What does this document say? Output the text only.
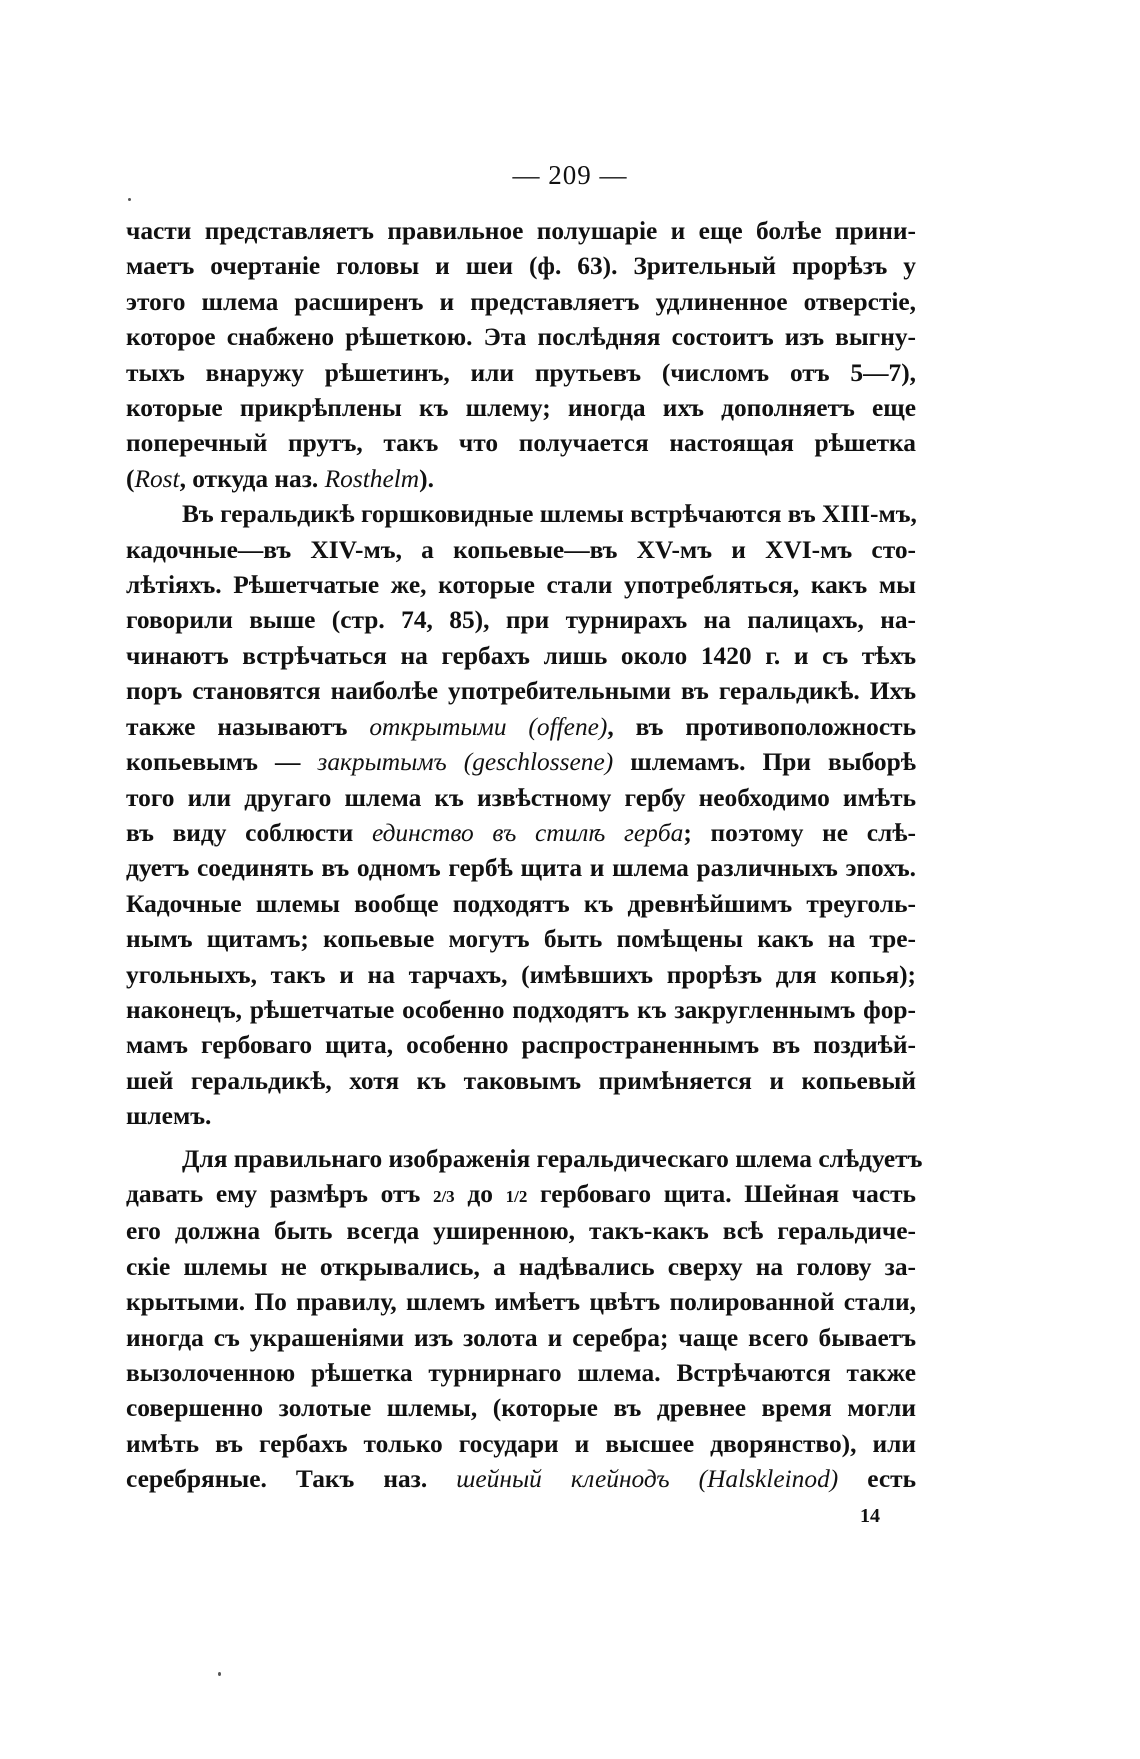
— 209 —
части представляетъ правильное полушаріе и еще болѣе прини-
маетъ очертаніе головы и шеи (ф. 63). Зрительный прорѣзъ у
этого шлема расширенъ и представляетъ удлиненное отверстіе,
которое снабжено рѣшеткою. Эта послѣдняя состоитъ изъ выгну-
тыхъ внаружу рѣшетинъ, или прутьевъ (числомъ отъ 5—7),
которые прикрѣплены къ шлему; иногда ихъ дополняетъ еще
поперечный прутъ, такъ что получается настоящая рѣшетка
(Rost, откуда наз. Rosthelm).
Въ геральдикѣ горшковидные шлемы встрѣчаются въ XIII-мъ,
кадочные—въ XIV-мъ, а копьевые—въ XV-мъ и XVI-мъ сто-
лѣтіяхъ. Рѣшетчатые же, которые стали употребляться, какъ мы
говорили выше (стр. 74, 85), при турнирахъ на палицахъ, на-
чинаютъ встрѣчаться на гербахъ лишь около 1420 г. и съ тѣхъ
поръ становятся наиболѣе употребительными въ геральдикѣ. Ихъ
также называютъ открытыми (offene), въ противоположность
копьевымъ — закрытымъ (geschlossene) шлемамъ. При выборѣ
того или другаго шлема къ извѣстному гербу необходимо имѣть
въ виду соблюсти единство въ стилѣ герба; поэтому не слѣ-
дуетъ соединять въ одномъ гербѣ щита и шлема различныхъ эпохъ.
Кадочные шлемы вообще подходятъ къ древнѣйшимъ треуголь-
нымъ щитамъ; копьевые могутъ быть помѣщены какъ на тре-
угольныхъ, такъ и на тарчахъ, (имѣвшихъ прорѣзъ для копья);
наконецъ, рѣшетчатые особенно подходятъ къ закругленнымъ фор-
мамъ гербоваго щита, особенно распространеннымъ въ поздиѣй-
шей геральдикѣ, хотя къ таковымъ примѣняется и копьевый
шлемъ.
Для правильнаго изображенія геральдическаго шлема слѣдуетъ
давать ему размѣръ отъ 2/3 до 1/2 гербоваго щита. Шейная часть
его должна быть всегда уширенною, такъ-какъ всѣ геральдиче-
скіе шлемы не открывались, а надѣвались сверху на голову за-
крытыми. По правилу, шлемъ имѣетъ цвѣтъ полированной стали,
иногда съ украшеніями изъ золота и серебра; чаще всего бываетъ
вызолоченною рѣшетка турнирнаго шлема. Встрѣчаются также
совершенно золотые шлемы, (которые въ древнее время могли
имѣть въ гербахъ только государи и высшее дворянство), или
серебряные. Такъ наз. шейный клейнодъ (Halskleinod) есть
14
